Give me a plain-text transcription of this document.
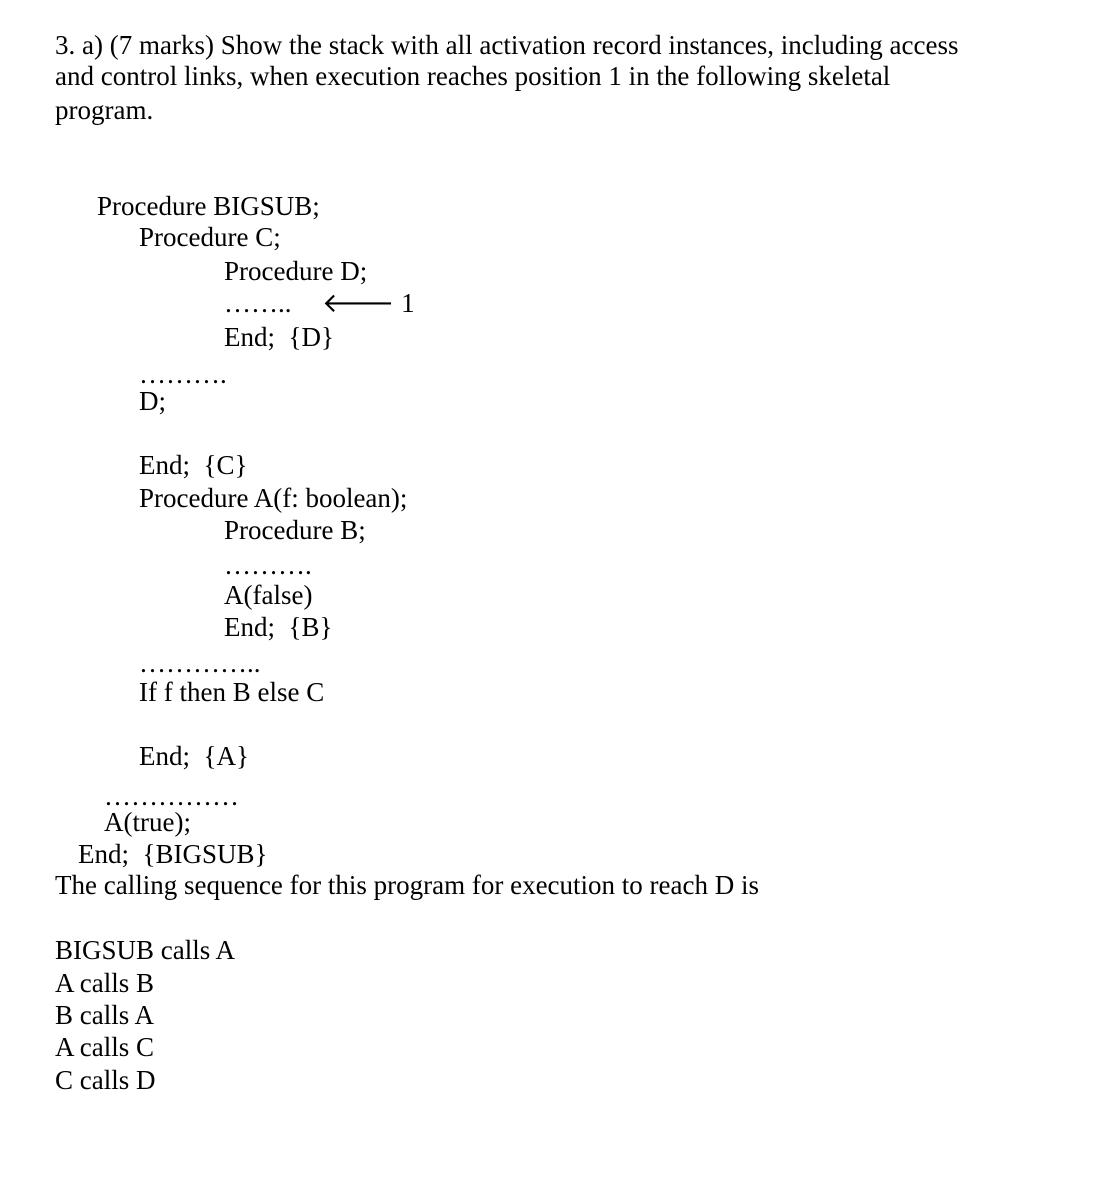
3. a) (7 marks) Show the stack with all activation record instances, including access
and control links, when execution reaches position 1 in the following skeletal
program.
Procedure BIGSUB;
Procedure C;
Procedure D;
…….. 🡐 1
End;  {D}
……….
D;
End;  {C}
Procedure A(f: boolean);
Procedure B;
……….
A(false)
End;  {B}
…………..
If f then B else C
End;  {A}
……………
A(true);
End;  {BIGSUB}
The calling sequence for this program for execution to reach D is
BIGSUB calls A
A calls B
B calls A
A calls C
C calls D
